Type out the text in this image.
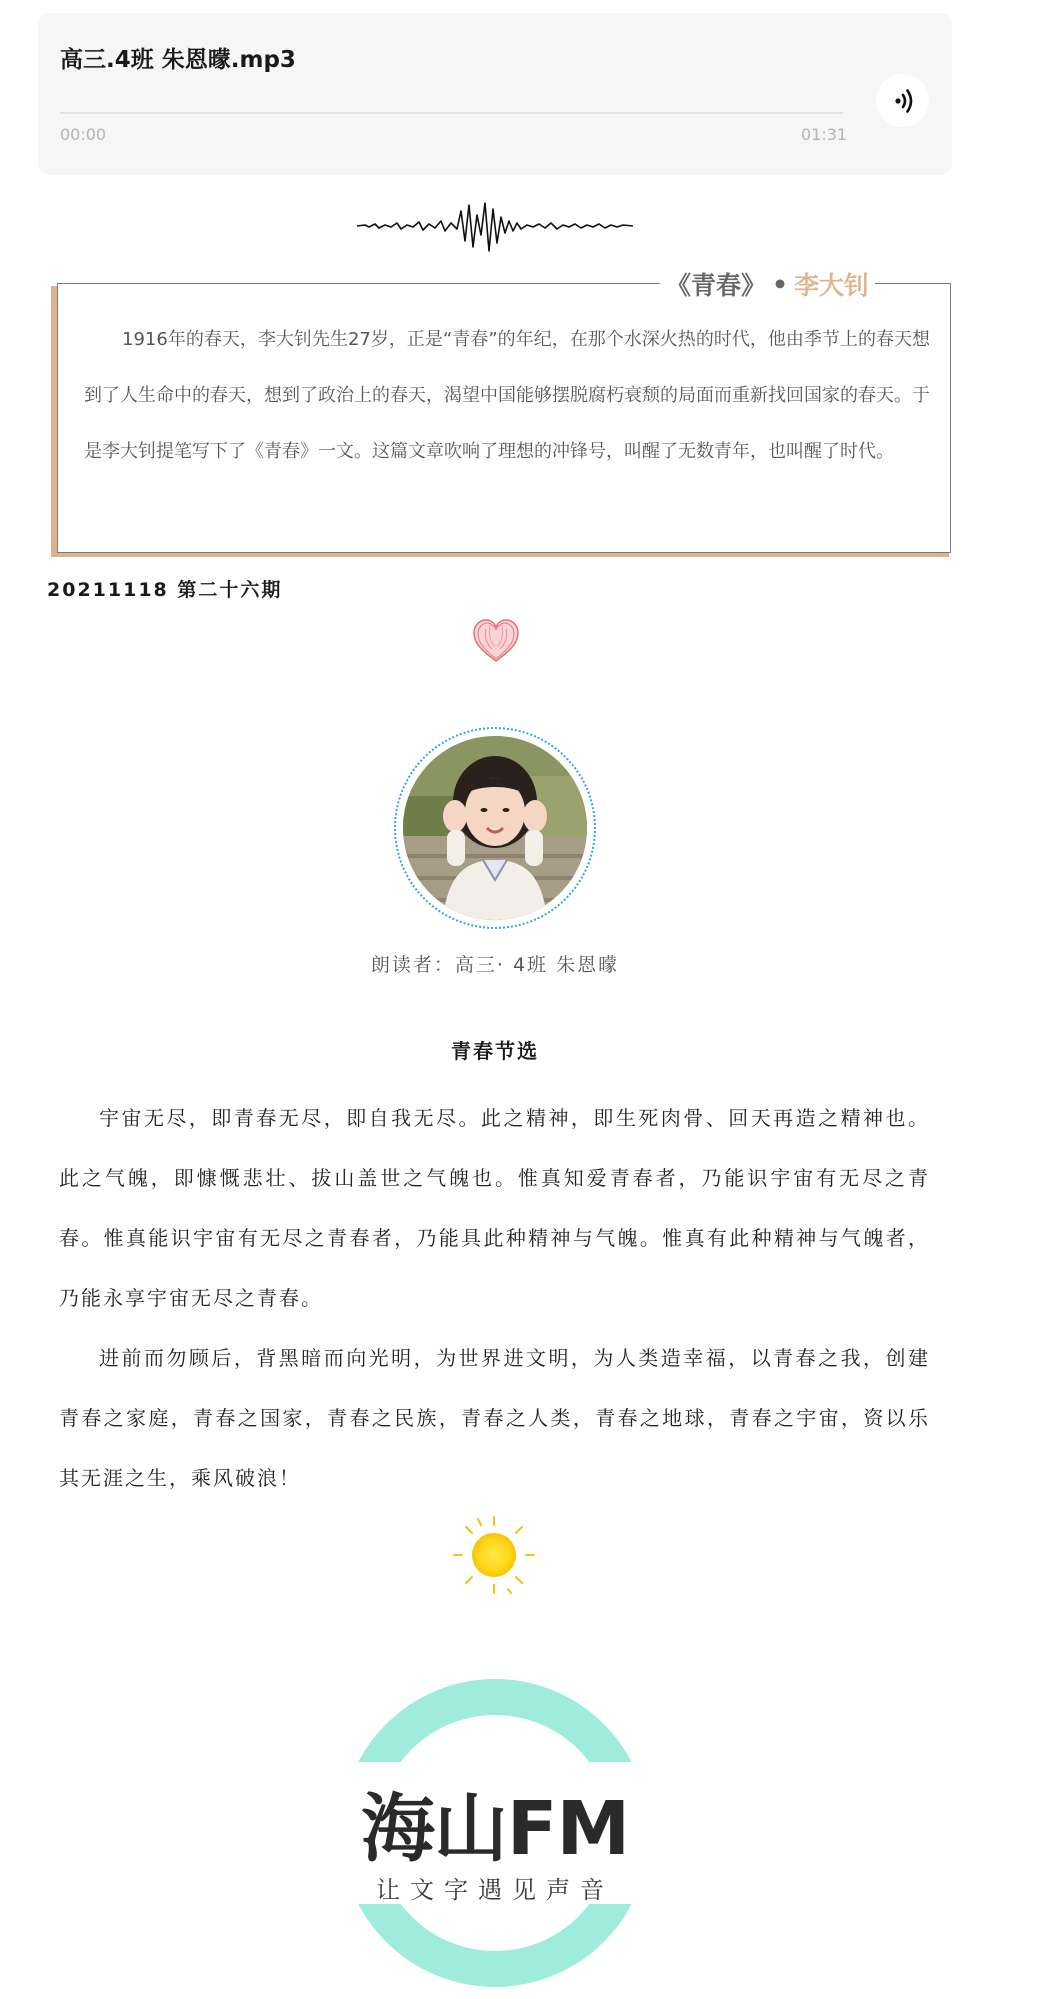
高三.4班 朱恩曚.mp3
00:00	01:31
《青春》 • 李大钊
1916年的春天，李大钊先生27岁，正是“青春”的年纪，在那个水深火热的时代，他由季节上的春天想到了人生命中的春天，想到了政治上的春天，渴望中国能够摆脱腐朽衰颓的局面而重新找回国家的春天。于是李大钊提笔写下了《青春》一文。这篇文章吹响了理想的冲锋号，叫醒了无数青年，也叫醒了时代。
20211118 第二十六期
朗读者：高三· 4班 朱恩曚
青春节选

宇宙无尽，即青春无尽，即自我无尽。此之精神，即生死肉骨、回天再造之精神也。此之气魄，即慷慨悲壮、拔山盖世之气魄也。惟真知爱青春者，乃能识宇宙有无尽之青春。惟真能识宇宙有无尽之青春者，乃能具此种精神与气魄。惟真有此种精神与气魄者，乃能永享宇宙无尽之青春。

进前而勿顾后，背黑暗而向光明，为世界进文明，为人类造幸福，以青春之我，创建青春之家庭，青春之国家，青春之民族，青春之人类，青春之地球，青春之宇宙，资以乐其无涯之生，乘风破浪！

海山FM
让文字遇见声音
